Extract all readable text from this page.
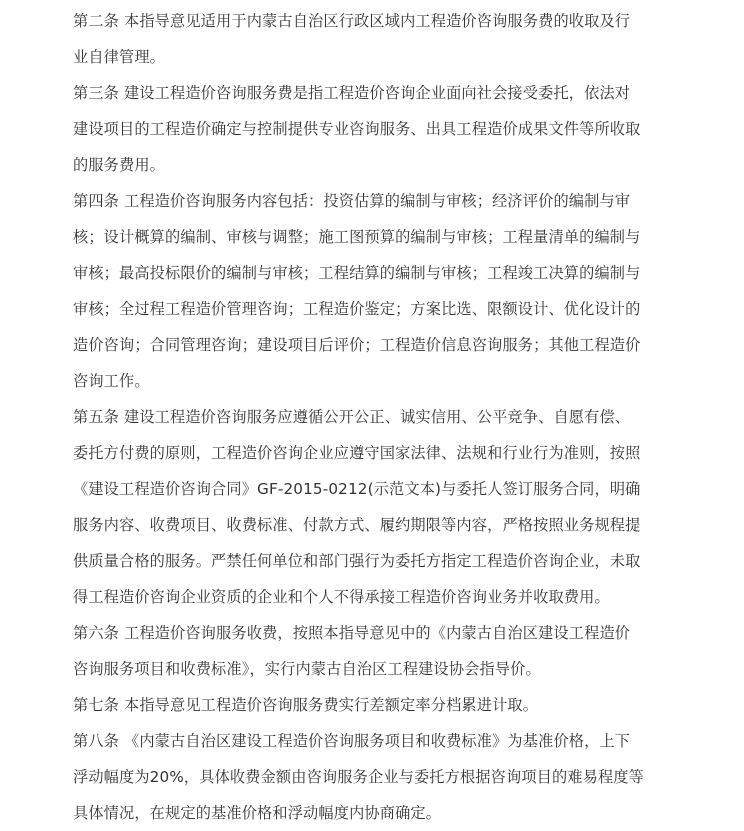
第二条 本指导意见适用于内蒙古自治区行政区域内工程造价咨询服务费的收取及行
业自律管理。
第三条 建设工程造价咨询服务费是指工程造价咨询企业面向社会接受委托，依法对
建设项目的工程造价确定与控制提供专业咨询服务、出具工程造价成果文件等所收取
的服务费用。
第四条 工程造价咨询服务内容包括：投资估算的编制与审核；经济评价的编制与审
核；设计概算的编制、审核与调整；施工图预算的编制与审核；工程量清单的编制与
审核；最高投标限价的编制与审核；工程结算的编制与审核；工程竣工决算的编制与
审核；全过程工程造价管理咨询；工程造价鉴定；方案比选、限额设计、优化设计的
造价咨询；合同管理咨询；建设项目后评价；工程造价信息咨询服务；其他工程造价
咨询工作。
第五条 建设工程造价咨询服务应遵循公开公正、诚实信用、公平竞争、自愿有偿、
委托方付费的原则，工程造价咨询企业应遵守国家法律、法规和行业行为准则，按照
《建设工程造价咨询合同》GF-2015-0212(示范文本)与委托人签订服务合同，明确
服务内容、收费项目、收费标准、付款方式、履约期限等内容，严格按照业务规程提
供质量合格的服务。严禁任何单位和部门强行为委托方指定工程造价咨询企业，未取
得工程造价咨询企业资质的企业和个人不得承接工程造价咨询业务并收取费用。
第六条 工程造价咨询服务收费，按照本指导意见中的《内蒙古自治区建设工程造价
咨询服务项目和收费标准》，实行内蒙古自治区工程建设协会指导价。
第七条 本指导意见工程造价咨询服务费实行差额定率分档累进计取。
第八条 《内蒙古自治区建设工程造价咨询服务项目和收费标准》为基准价格，上下
浮动幅度为20%，具体收费金额由咨询服务企业与委托方根据咨询项目的难易程度等
具体情况，在规定的基准价格和浮动幅度内协商确定。
